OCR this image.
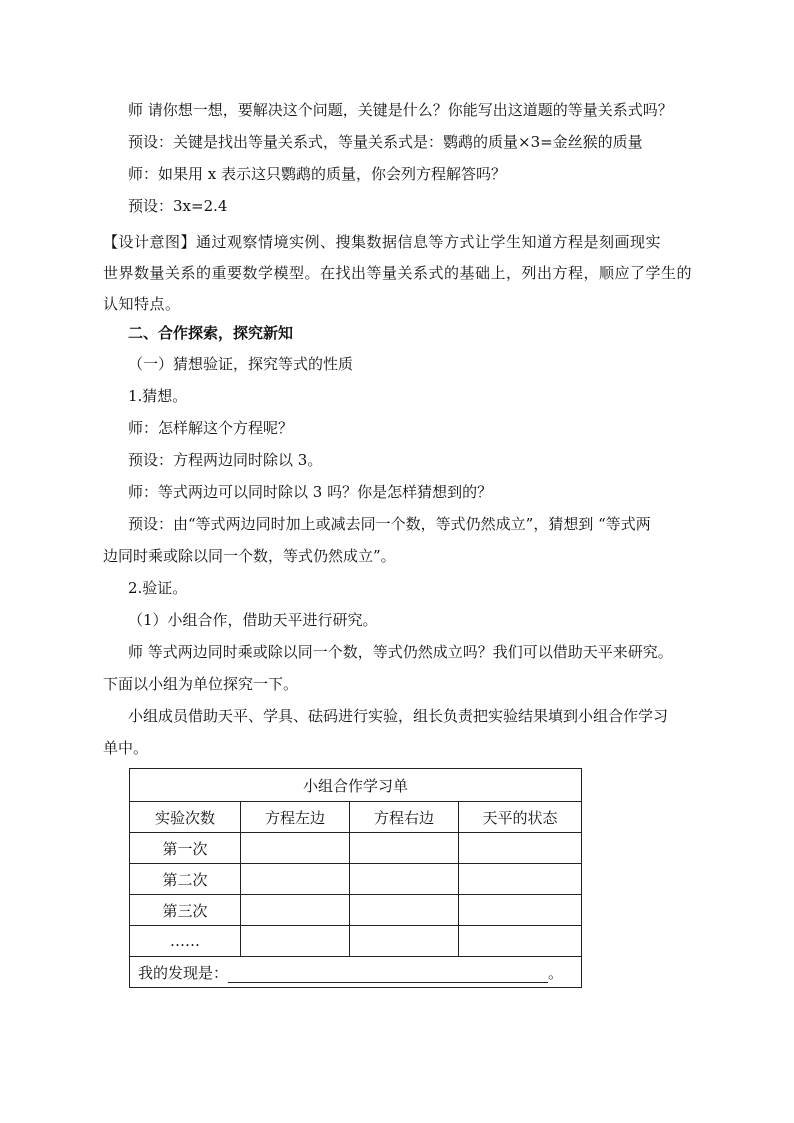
师 请你想一想，要解决这个问题，关键是什么？你能写出这道题的等量关系式吗？
预设：关键是找出等量关系式，等量关系式是：鹦鹉的质量×3=金丝猴的质量
师：如果用 x 表示这只鹦鹉的质量，你会列方程解答吗？
预设：3x=2.4
【设计意图】通过观察情境实例、搜集数据信息等方式让学生知道方程是刻画现实
世界数量关系的重要数学模型。在找出等量关系式的基础上，列出方程，顺应了学生的
认知特点。
二、合作探索，探究新知
（一）猜想验证，探究等式的性质
1.猜想。
师：怎样解这个方程呢？
预设：方程两边同时除以 3。
师：等式两边可以同时除以 3 吗？你是怎样猜想到的？
预设：由“等式两边同时加上或减去同一个数，等式仍然成立”，猜想到 “等式两
边同时乘或除以同一个数，等式仍然成立”。
2.验证。
（1）小组合作，借助天平进行研究。
师 等式两边同时乘或除以同一个数，等式仍然成立吗？我们可以借助天平来研究。
下面以小组为单位探究一下。
小组成员借助天平、学具、砝码进行实验，组长负责把实验结果填到小组合作学习
单中。
小组合作学习单			
实验次数	方程左边	方程右边	天平的状态
第一次			
第二次			
第三次			
……			
我的发现是： 。			
